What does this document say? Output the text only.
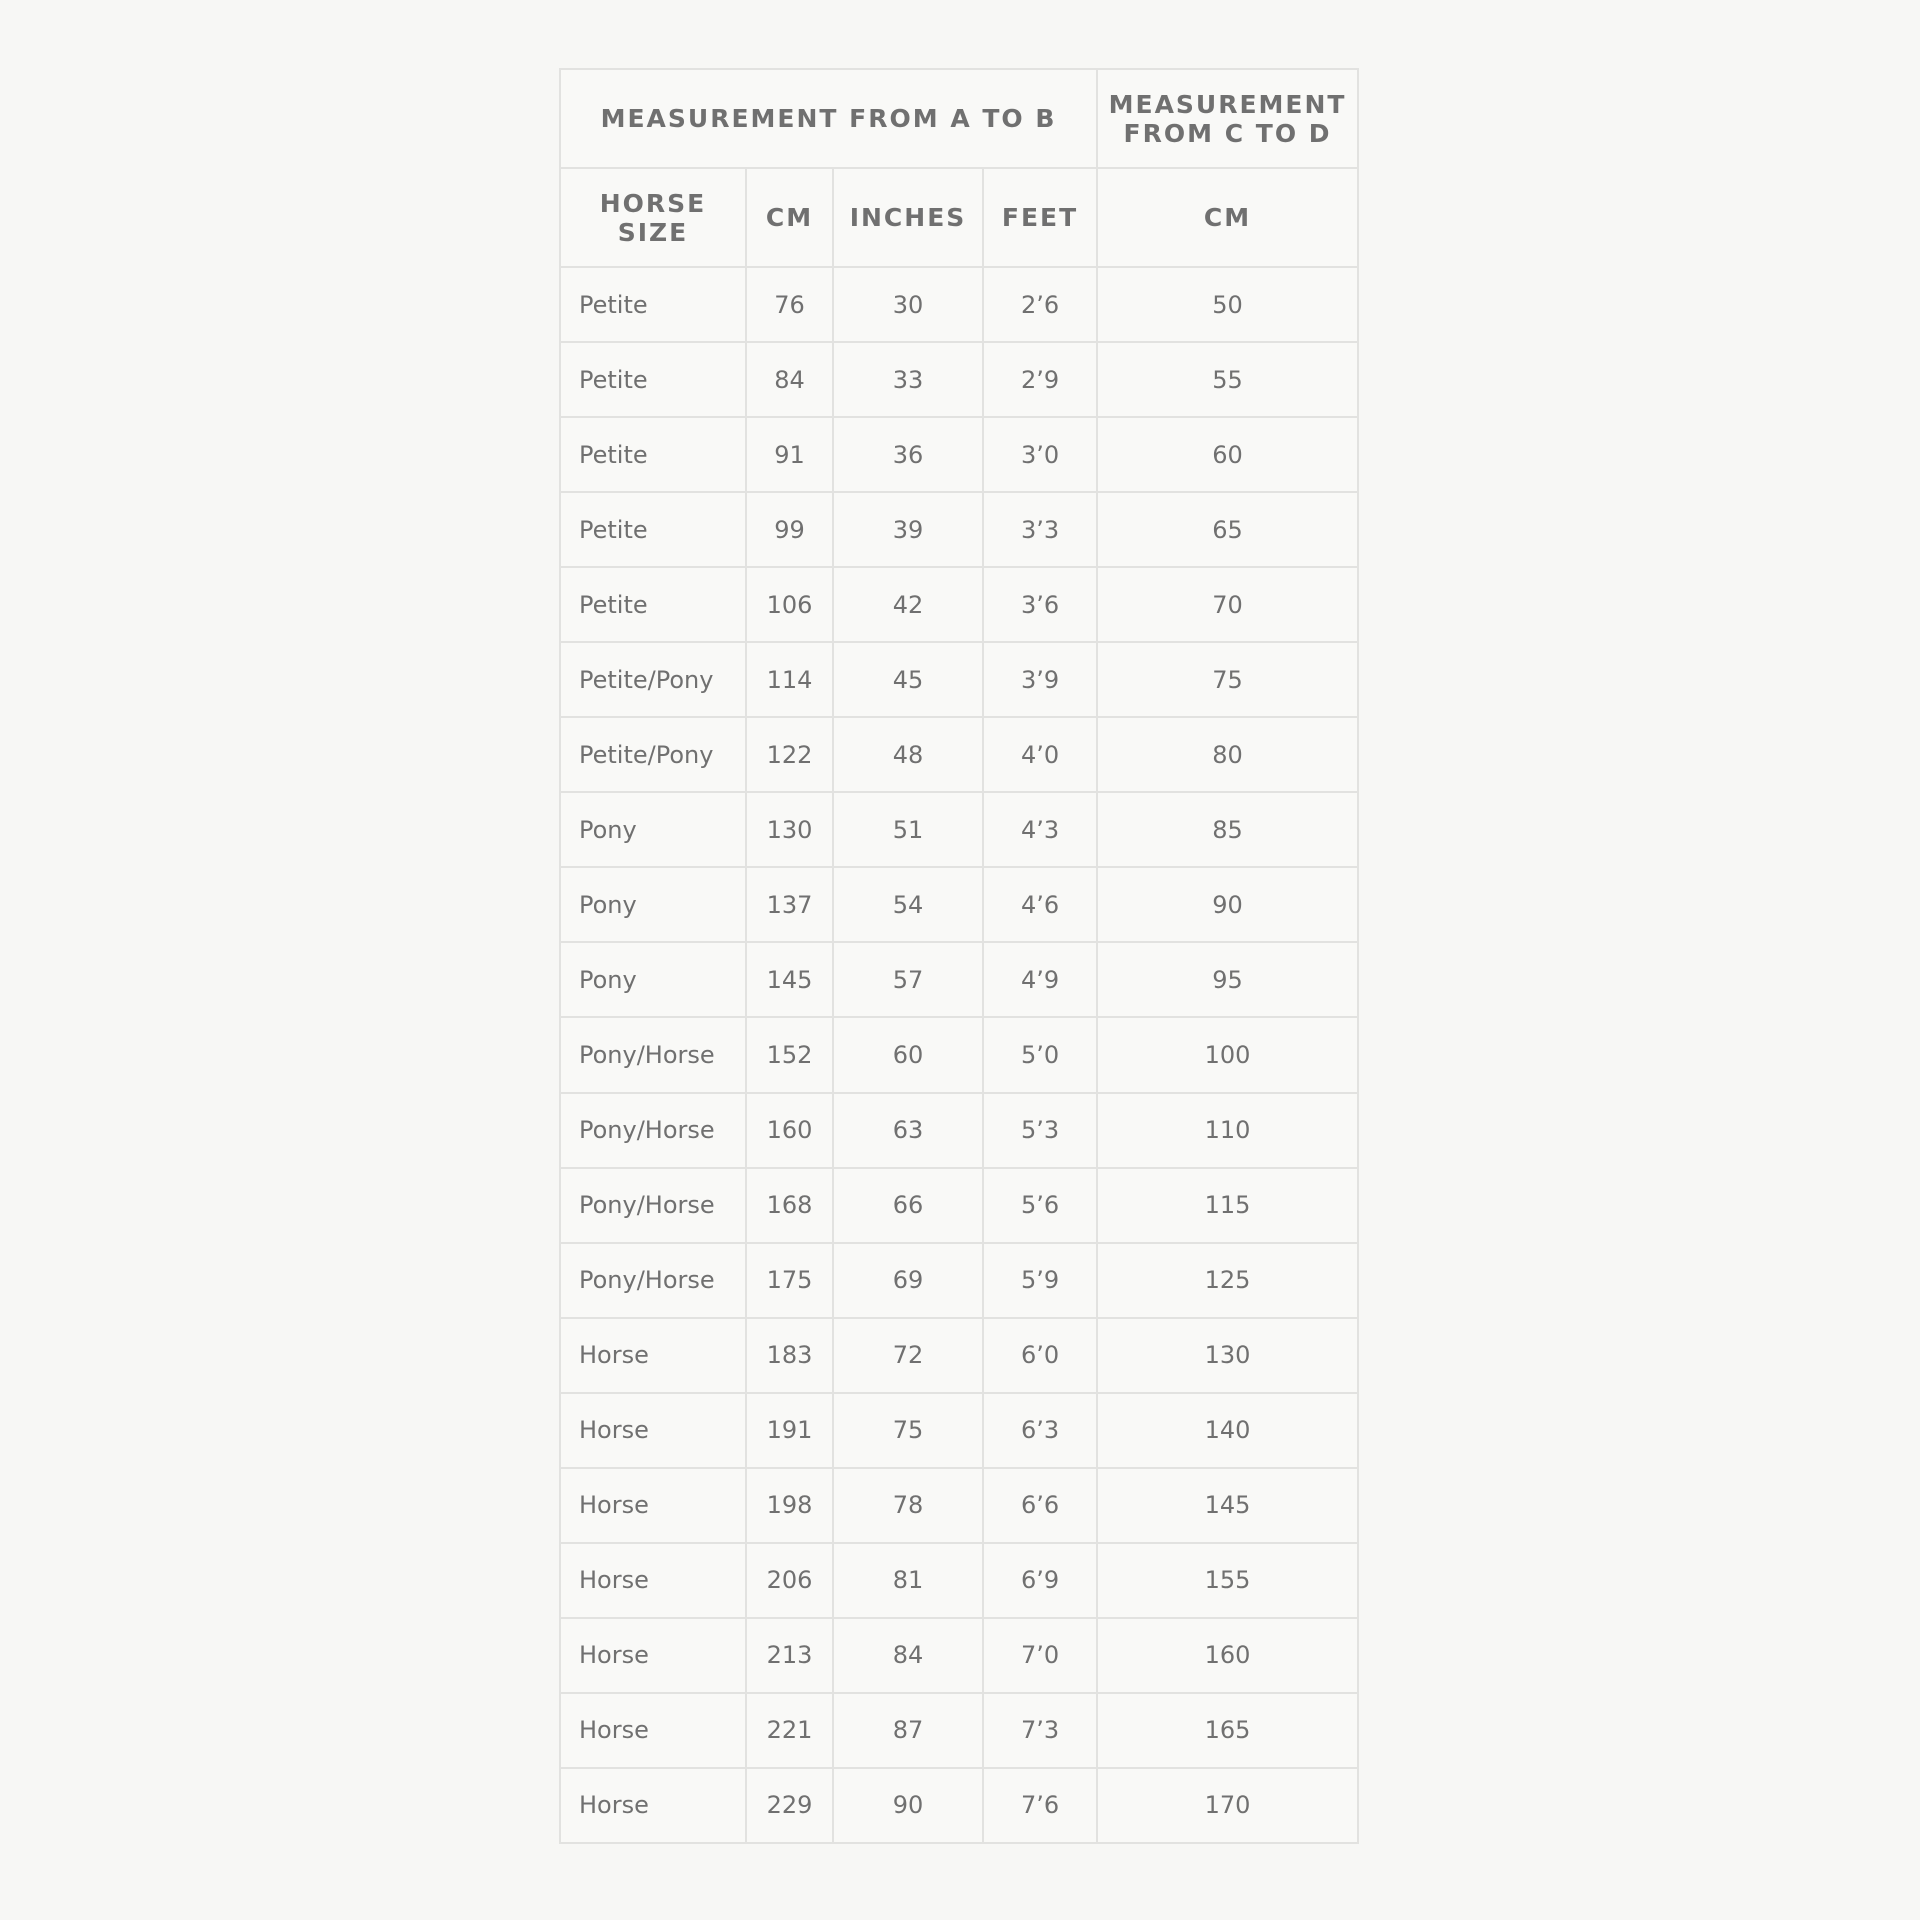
MEASUREMENT FROM A TO B				MEASUREMENT
FROM C TO D

HORSE
SIZE	CM	INCHES	FEET	CM
Petite	76	30	2’6	50
Petite	84	33	2’9	55
Petite	91	36	3’0	60
Petite	99	39	3’3	65
Petite	106	42	3’6	70
Petite/Pony	114	45	3’9	75
Petite/Pony	122	48	4’0	80
Pony	130	51	4’3	85
Pony	137	54	4’6	90
Pony	145	57	4’9	95
Pony/Horse	152	60	5’0	100
Pony/Horse	160	63	5’3	110
Pony/Horse	168	66	5’6	115
Pony/Horse	175	69	5’9	125
Horse	183	72	6’0	130
Horse	191	75	6’3	140
Horse	198	78	6’6	145
Horse	206	81	6’9	155
Horse	213	84	7’0	160
Horse	221	87	7’3	165
Horse	229	90	7’6	170
